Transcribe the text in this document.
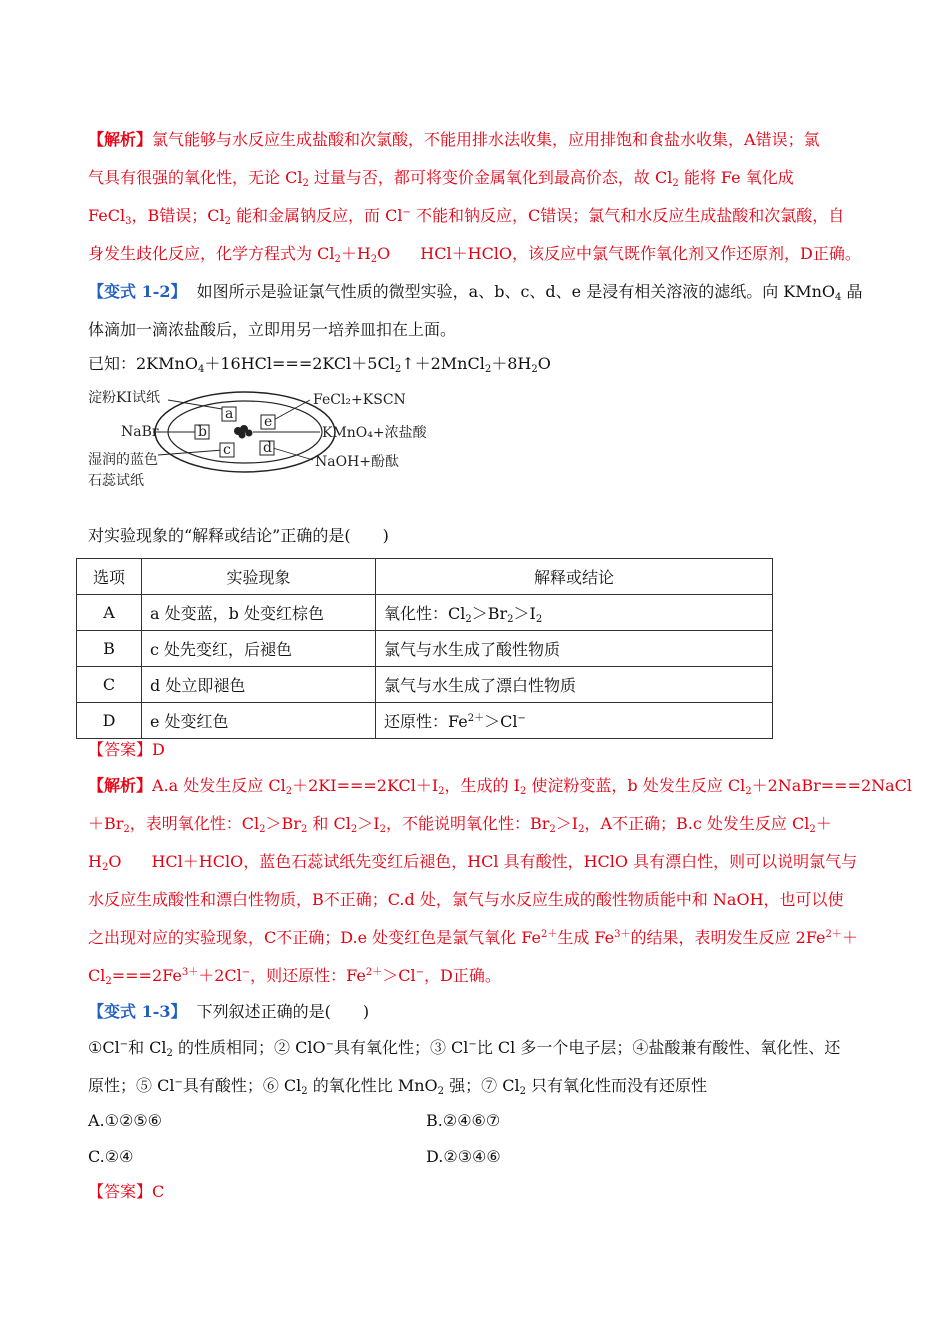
【解析】氯气能够与水反应生成盐酸和次氯酸，不能用排水法收集，应用排饱和食盐水收集，A错误；氯
气具有很强的氧化性，无论 $Cl_2$ 过量与否，都可将变价金属氧化到最高价态，故 $Cl_2$ 能将 Fe 氧化成
FeCl$_3$，B错误；$Cl_2$ 能和金属钠反应，而 Cl− 不能和钠反应，C错误；氯气和水反应生成盐酸和次氯酸，自
身发生歧化反应，化学方程式为 $Cl_2+H_2O$ HCl＋HClO，该反应中氯气既作氧化剂又作还原剂，D正确。
【变式 1-2】 如图所示是验证氯气性质的微型实验，a、b、c、d、e 是浸有相关溶液的滤纸。向 KMnO$_4$ 晶
体滴加一滴浓盐酸后，立即用另一培养皿扣在上面。
已知：$2KMnO_4+16HCl===2KCl+5Cl_2↑+2MnCl_2+8H_2O$
a
b
c d
e
淀粉KI试纸
NaBr
湿润的蓝色
石蕊试纸
FeCl₂+KSCN
KMnO₄+浓盐酸
NaOH+酚酞
对实验现象的“解释或结论”正确的是(　　)
选项	实验现象	解释或结论
A	a 处变蓝，b 处变红棕色	氧化性：$Cl_2>Br_2>I_2$
B	c 处先变红，后褪色	氯气与水生成了酸性物质
C	d 处立即褪色	氯气与水生成了漂白性物质
D	e 处变红色	还原性：$Fe^{2+}>Cl^-$
【答案】D
【解析】A.a 处发生反应 $Cl_2+2KI===2KCl+I_2$，生成的 $I_2$ 使淀粉变蓝，b 处发生反应 $Cl_2+2NaBr===2NaCl$
$+Br_2$，表明氧化性：$Cl_2>Br_2$ 和 $Cl_2>I_2$，不能说明氧化性：$Br_2>I_2$，A不正确；B.c 处发生反应 $Cl_2+$
$H_2O$ HCl＋HClO，蓝色石蕊试纸先变红后褪色，HCl 具有酸性，HClO 具有漂白性，则可以说明氯气与
水反应生成酸性和漂白性物质，B不正确；C.d 处，氯气与水反应生成的酸性物质能中和 NaOH，也可以使
之出现对应的实验现象，C不正确；D.e 处变红色是氯气氧化 $Fe^{2+}$生成 $Fe^{3+}$的结果，表明发生反应 $2Fe^{2+}+$
$Cl_2===2Fe^{3+}+2Cl^-$，则还原性：$Fe^{2+}>Cl^-$，D正确。
【变式 1-3】 下列叙述正确的是(　　)
①Cl−和 $Cl_2$ 的性质相同；② ClO−具有氧化性；③ Cl−比 Cl 多一个电子层；④盐酸兼有酸性、氧化性、还
原性；⑤ Cl−具有酸性；⑥ $Cl_2$ 的氧化性比 MnO$_2$ 强；⑦ $Cl_2$ 只有氧化性而没有还原性
A.①②⑤⑥	B.②④⑥⑦
C.②④	D.②③④⑥
【答案】C
